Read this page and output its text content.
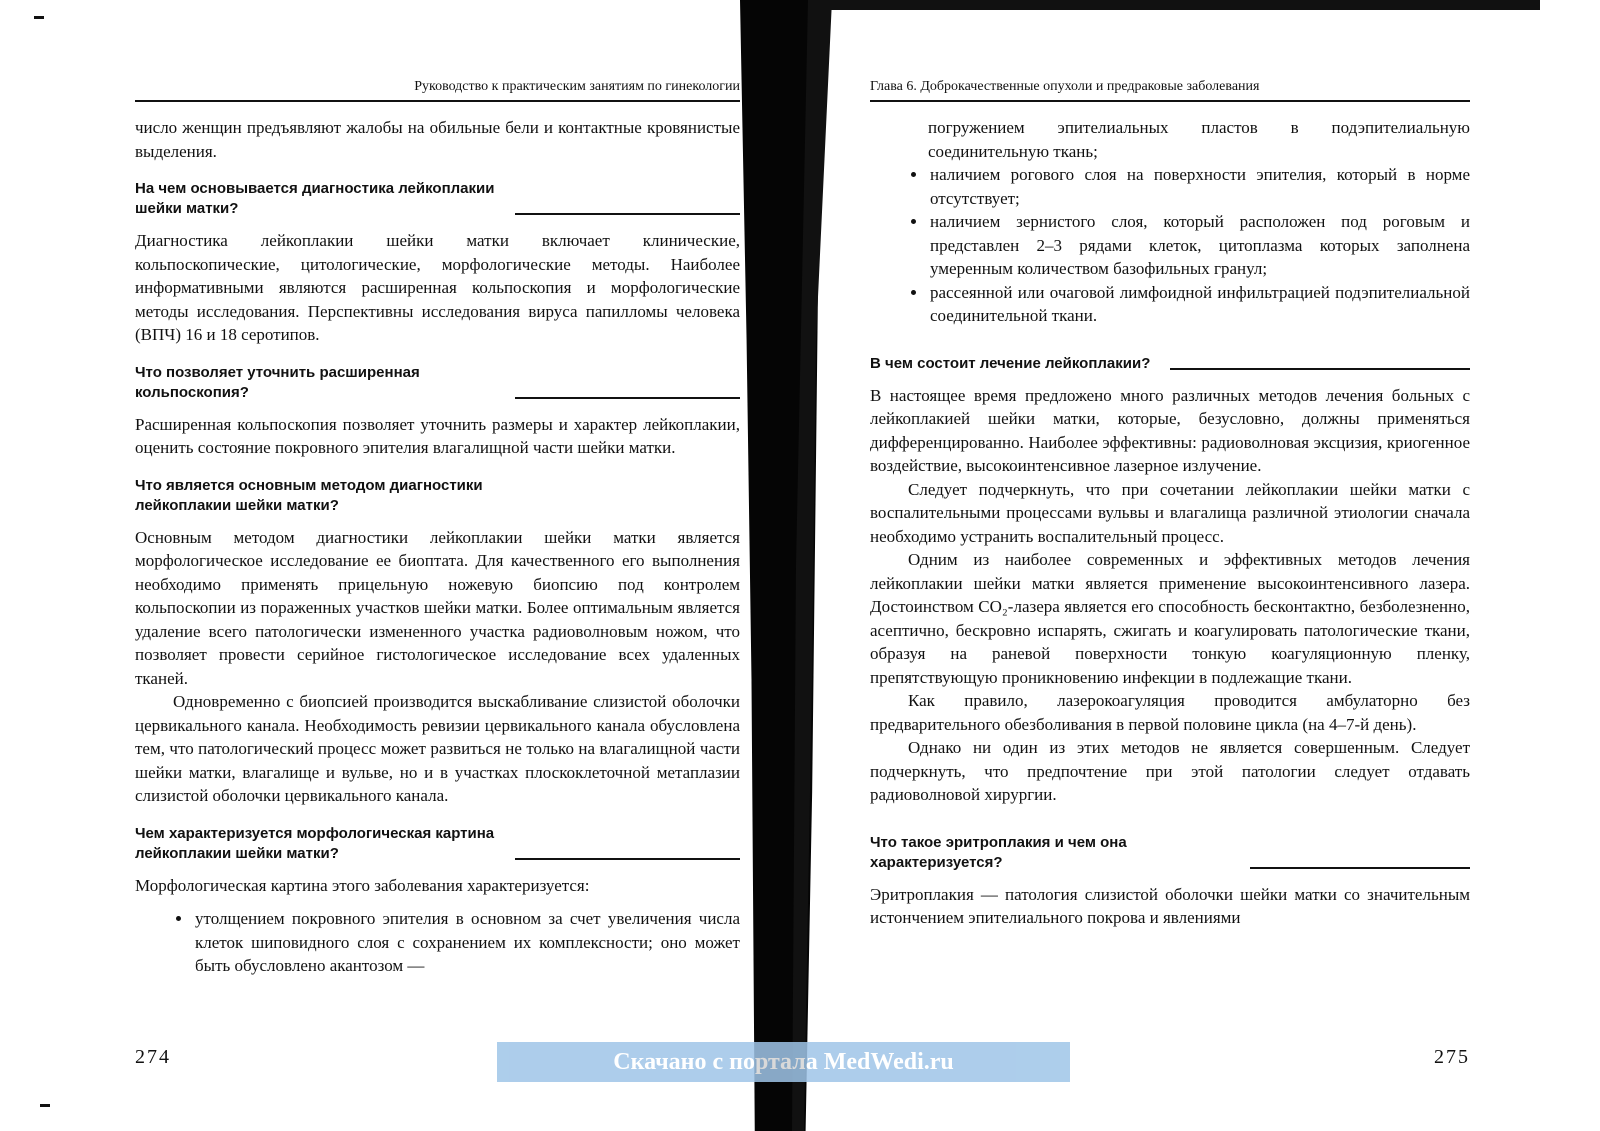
Руководство к практическим занятиям по гинекологии

число женщин предъявляют жалобы на обильные бели и контактные кровянистые выделения.

На чем основывается диагностика лейкоплакии шейки матки?

Диагностика лейкоплакии шейки матки включает клинические, кольпоскопические, цитологические, морфологические методы. Наиболее информативными являются расширенная кольпоскопия и морфологические методы исследования. Перспективны исследования вируса папилломы человека (ВПЧ) 16 и 18 серотипов.

Что позволяет уточнить расширенная кольпоскопия?

Расширенная кольпоскопия позволяет уточнить размеры и характер лейкоплакии, оценить состояние покровного эпителия влагалищной части шейки матки.

Что является основным методом диагностики лейкоплакии шейки матки?

Основным методом диагностики лейкоплакии шейки матки является морфологическое исследование ее биоптата. Для качественного его выполнения необходимо применять прицельную ножевую биопсию под контролем кольпоскопии из пораженных участков шейки матки. Более оптимальным является удаление всего патологически измененного участка радиоволновым ножом, что позволяет провести серийное гистологическое исследование всех удаленных тканей.

Одновременно с биопсией производится выскабливание слизистой оболочки цервикального канала. Необходимость ревизии цервикального канала обусловлена тем, что патологический процесс может развиться не только на влагалищной части шейки матки, влагалище и вульве, но и в участках плоскоклеточной метаплазии слизистой оболочки цервикального канала.

Чем характеризуется морфологическая картина лейкоплакии шейки матки?

Морфологическая картина этого заболевания характеризуется:

• утолщением покровного эпителия в основном за счет увеличения числа клеток шиповидного слоя с сохранением их комплексности; оно может быть обусловлено акантозом —
274
Глава 6. Доброкачественные опухоли и предраковые заболевания

погружением эпителиальных пластов в подэпителиальную соединительную ткань;

• наличием рогового слоя на поверхности эпителия, который в норме отсутствует;
• наличием зернистого слоя, который расположен под роговым и представлен 2–3 рядами клеток, цитоплазма которых заполнена умеренным количеством базофильных гранул;
• рассеянной или очаговой лимфоидной инфильтрацией подэпителиальной соединительной ткани.
В чем состоит лечение лейкоплакии?

В настоящее время предложено много различных методов лечения больных с лейкоплакией шейки матки, которые, безусловно, должны применяться дифференцированно. Наиболее эффективны: радиоволновая эксцизия, криогенное воздействие, высокоинтенсивное лазерное излучение.

Следует подчеркнуть, что при сочетании лейкоплакии шейки матки с воспалительными процессами вульвы и влагалища различной этиологии сначала необходимо устранить воспалительный процесс.

Одним из наиболее современных и эффективных методов лечения лейкоплакии шейки матки является применение высокоинтенсивного лазера. Достоинством CO₂-лазера является его способность бесконтактно, безболезненно, асептично, бескровно испарять, сжигать и коагулировать патологические ткани, образуя на раневой поверхности тонкую коагуляционную пленку, препятствующую проникновению инфекции в подлежащие ткани.

Как правило, лазерокоагуляция проводится амбулаторно без предварительного обезболивания в первой половине цикла (на 4–7-й день).

Однако ни один из этих методов не является совершенным. Следует подчеркнуть, что предпочтение при этой патологии следует отдавать радиоволновой хирургии.

Что такое эритроплакия и чем она характеризуется?

Эритроплакия — патология слизистой оболочки шейки матки со значительным истончением эпителиального покрова и явлениями

275
Скачано с портала MedWedi.ru
